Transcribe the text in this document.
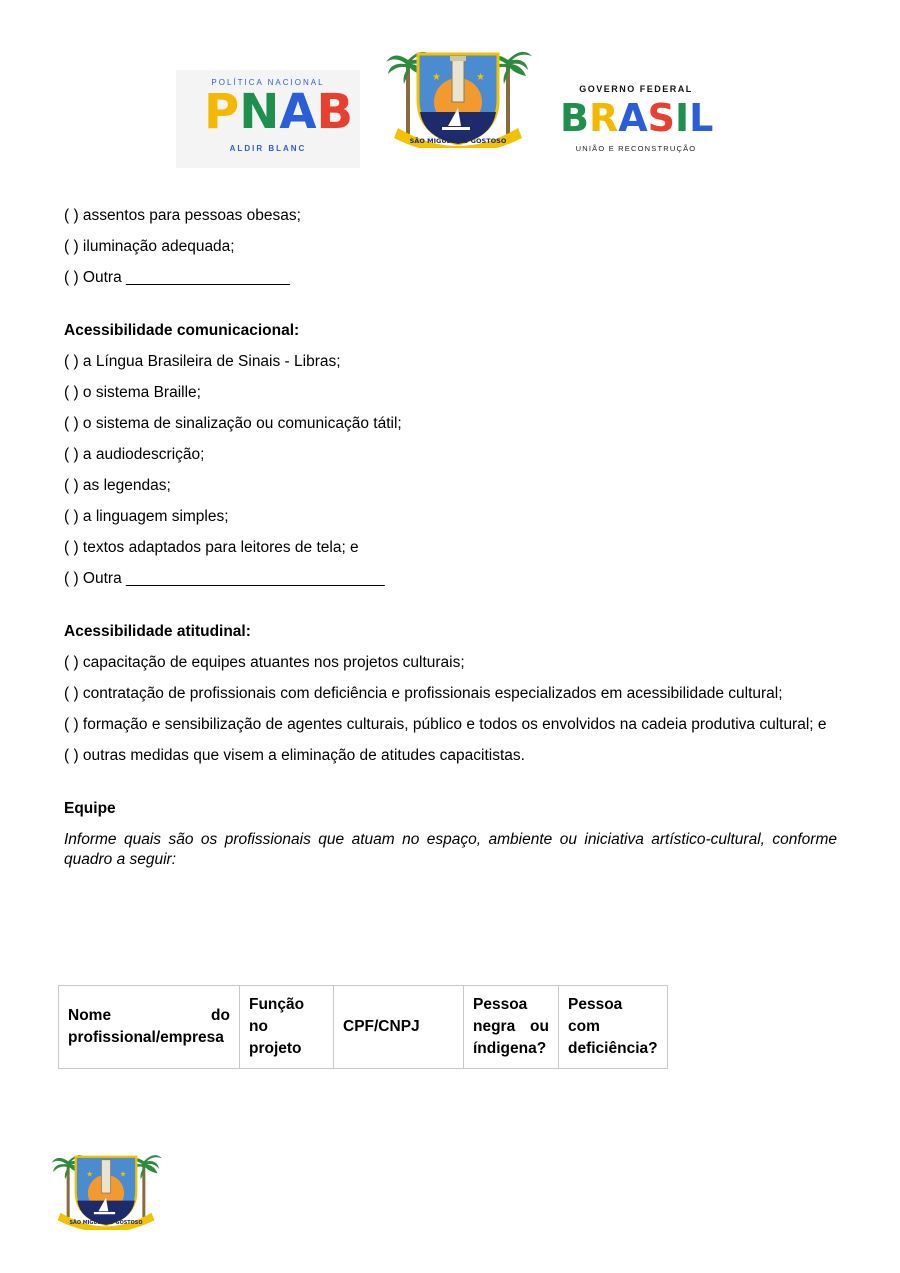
POLÍTICA NACIONAL
P N A B
ALDIR BLANC
★	★
SÃO MIGUEL DO GOSTOSO
GOVERNO FEDERAL
B R A S I L
UNIÃO E RECONSTRUÇÃO

( ) assentos para pessoas obesas;

( ) iluminação adequada;

( ) Outra ___________________

Acessibilidade comunicacional:

( ) a Língua Brasileira de Sinais - Libras;

( ) o sistema Braille;

( ) o sistema de sinalização ou comunicação tátil;

( ) a audiodescrição;

( ) as legendas;

( ) a linguagem simples;

( ) textos adaptados para leitores de tela; e

( ) Outra ______________________________

Acessibilidade atitudinal:

( ) capacitação de equipes atuantes nos projetos culturais;

( ) contratação de profissionais com deficiência e profissionais especializados em acessibilidade cultural;

( ) formação e sensibilização de agentes culturais, público e todos os envolvidos na cadeia produtiva cultural; e

( ) outras medidas que visem a eliminação de atitudes capacitistas.

Equipe

Informe quais são os profissionais que atuam no espaço, ambiente ou iniciativa artístico-cultural, conforme quadro a seguir:

Nome do profissional/empresa	Função no projeto	CPF/CNPJ	Pessoa negra ou índigena?	Pessoa com deficiência?
★	★
SÃO MIGUEL DO GOSTOSO
